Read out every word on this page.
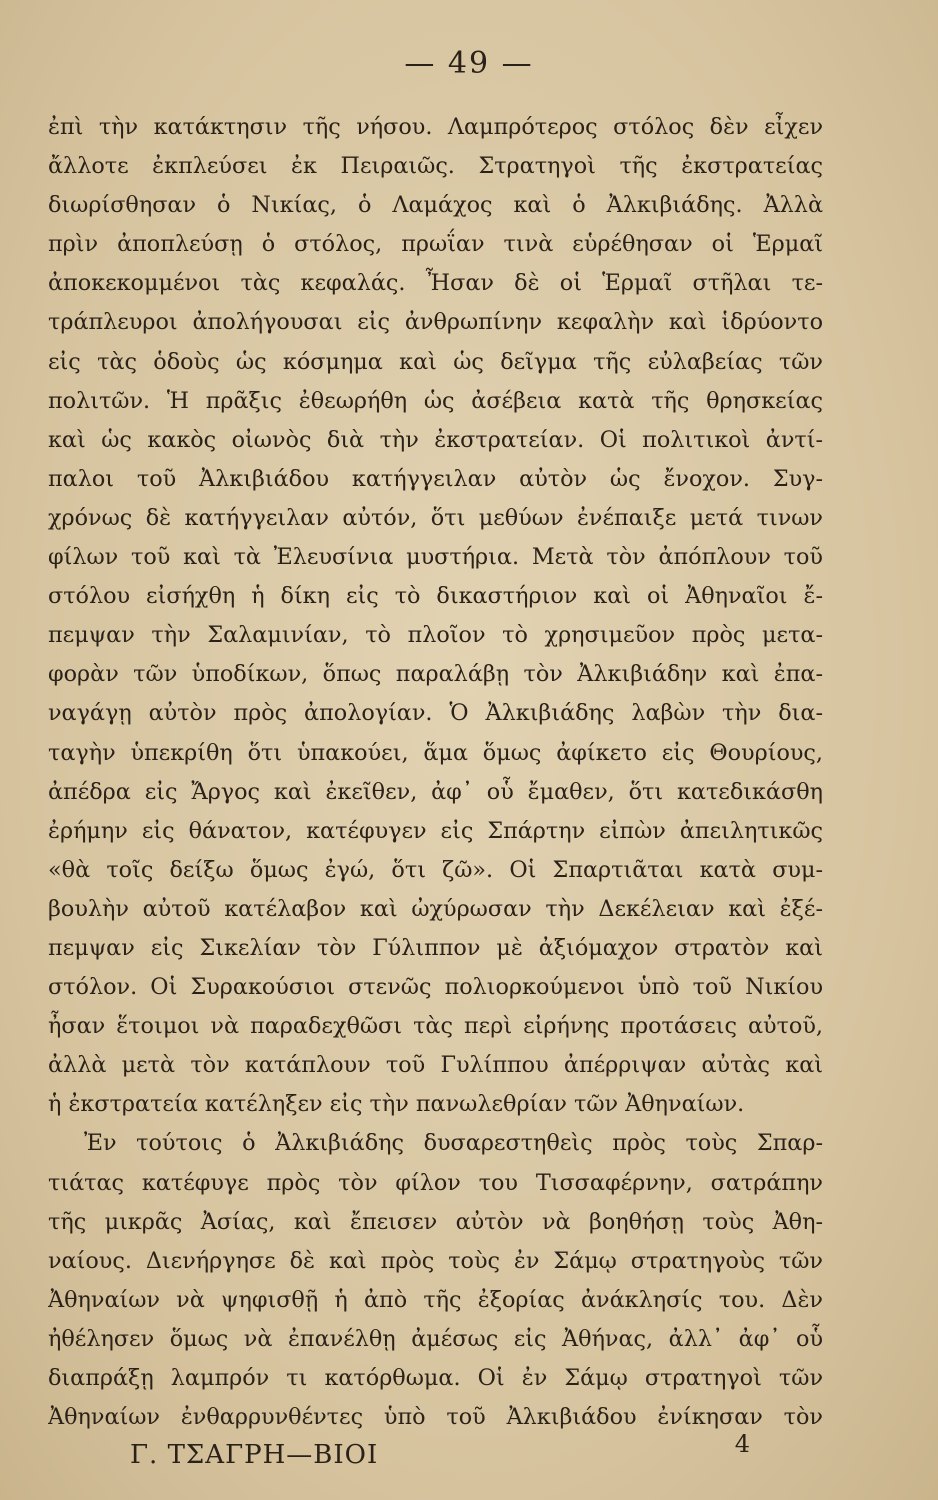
— 49 —
ἐπὶ τὴν κατάκτησιν τῆς νήσου. Λαμπρότερος στόλος δὲν εἶχεν
ἄλλοτε ἐκπλεύσει ἐκ Πειραιῶς. Στρατηγοὶ τῆς ἐκστρατείας
διωρίσθησαν ὁ Νικίας, ὁ Λαμάχος καὶ ὁ Ἀλκιβιάδης. Ἀλλὰ
πρὶν ἀποπλεύσῃ ὁ στόλος, πρωΐαν τινὰ εὑρέθησαν οἱ Ἑρμαῖ
ἀποκεκομμένοι τὰς κεφαλάς. Ἦσαν δὲ οἱ Ἑρμαῖ στῆλαι τε-
τράπλευροι ἀπολήγουσαι εἰς ἀνθρωπίνην κεφαλὴν καὶ ἱδρύοντο
εἰς τὰς ὁδοὺς ὡς κόσμημα καὶ ὡς δεῖγμα τῆς εὐλαβείας τῶν
πολιτῶν. Ἡ πρᾶξις ἐθεωρήθη ὡς ἀσέβεια κατὰ τῆς θρησκείας
καὶ ὡς κακὸς οἰωνὸς διὰ τὴν ἐκστρατείαν. Οἱ πολιτικοὶ ἀντί-
παλοι τοῦ Ἀλκιβιάδου κατήγγειλαν αὐτὸν ὡς ἔνοχον. Συγ-
χρόνως δὲ κατήγγειλαν αὐτόν, ὅτι μεθύων ἐνέπαιξε μετά τινων
φίλων τοῦ καὶ τὰ Ἐλευσίνια μυστήρια. Μετὰ τὸν ἀπόπλουν τοῦ
στόλου εἰσήχθη ἡ δίκη εἰς τὸ δικαστήριον καὶ οἱ Ἀθηναῖοι ἔ-
πεμψαν τὴν Σαλαμινίαν, τὸ πλοῖον τὸ χρησιμεῦον πρὸς μετα-
φορὰν τῶν ὑποδίκων, ὅπως παραλάβῃ τὸν Ἀλκιβιάδην καὶ ἐπα-
ναγάγῃ αὐτὸν πρὸς ἀπολογίαν. Ὁ Ἀλκιβιάδης λαβὼν τὴν δια-
ταγὴν ὑπεκρίθη ὅτι ὑπακούει, ἅμα ὅμως ἀφίκετο εἰς Θουρίους,
ἀπέδρα εἰς Ἄργος καὶ ἐκεῖθεν, ἀφ᾽ οὗ ἔμαθεν, ὅτι κατεδικάσθη
ἐρήμην εἰς θάνατον, κατέφυγεν εἰς Σπάρτην εἰπὼν ἀπειλητικῶς
«θὰ τοῖς δείξω ὅμως ἐγώ, ὅτι ζῶ». Οἱ Σπαρτιᾶται κατὰ συμ-
βουλὴν αὐτοῦ κατέλαβον καὶ ὠχύρωσαν τὴν Δεκέλειαν καὶ ἐξέ-
πεμψαν εἰς Σικελίαν τὸν Γύλιππον μὲ ἀξιόμαχον στρατὸν καὶ
στόλον. Οἱ Συρακούσιοι στενῶς πολιορκούμενοι ὑπὸ τοῦ Νικίου
ἦσαν ἕτοιμοι νὰ παραδεχθῶσι τὰς περὶ εἰρήνης προτάσεις αὐτοῦ,
ἀλλὰ μετὰ τὸν κατάπλουν τοῦ Γυλίππου ἀπέρριψαν αὐτὰς καὶ
ἡ ἐκστρατεία κατέληξεν εἰς τὴν πανωλεθρίαν τῶν Ἀθηναίων.
Ἐν τούτοις ὁ Ἀλκιβιάδης δυσαρεστηθεὶς πρὸς τοὺς Σπαρ-
τιάτας κατέφυγε πρὸς τὸν φίλον του Τισσαφέρνην, σατράπην
τῆς μικρᾶς Ἀσίας, καὶ ἔπεισεν αὐτὸν νὰ βοηθήσῃ τοὺς Ἀθη-
ναίους. Διενήργησε δὲ καὶ πρὸς τοὺς ἐν Σάμῳ στρατηγοὺς τῶν
Ἀθηναίων νὰ ψηφισθῇ ἡ ἀπὸ τῆς ἐξορίας ἀνάκλησίς του. Δὲν
ἠθέλησεν ὅμως νὰ ἐπανέλθῃ ἀμέσως εἰς Ἀθήνας, ἀλλ᾽ ἀφ᾽ οὗ
διαπράξῃ λαμπρόν τι κατόρθωμα. Οἱ ἐν Σάμῳ στρατηγοὶ τῶν
Ἀθηναίων ἐνθαρρυνθέντες ὑπὸ τοῦ Ἀλκιβιάδου ἐνίκησαν τὸν
Γ. ΤΣΑΓΡΗ—ΒΙΟΙ	4
